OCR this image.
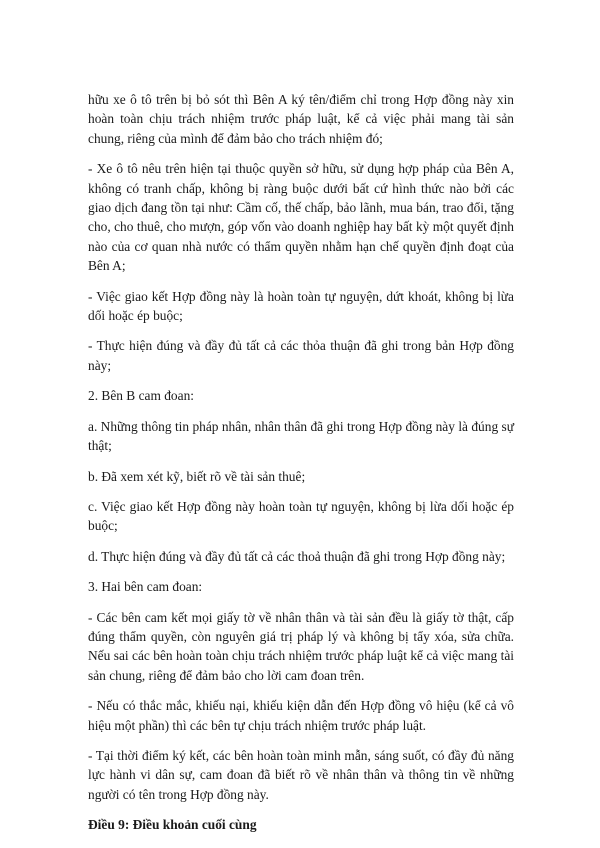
hữu xe ô tô trên bị bỏ sót thì Bên A ký tên/điểm chỉ trong Hợp đồng này xin hoàn toàn chịu trách nhiệm trước pháp luật, kể cả việc phải mang tài sản chung, riêng của mình để đảm bảo cho trách nhiệm đó;

- Xe ô tô nêu trên hiện tại thuộc quyền sở hữu, sử dụng hợp pháp của Bên A, không có tranh chấp, không bị ràng buộc dưới bất cứ hình thức nào bởi các giao dịch đang tồn tại như: Cầm cố, thế chấp, bảo lãnh, mua bán, trao đổi, tặng cho, cho thuê, cho mượn, góp vốn vào doanh nghiệp hay bất kỳ một quyết định nào của cơ quan nhà nước có thẩm quyền nhằm hạn chế quyền định đoạt của Bên A;

- Việc giao kết Hợp đồng này là hoàn toàn tự nguyện, dứt khoát, không bị lừa dối hoặc ép buộc;

- Thực hiện đúng và đầy đủ tất cả các thỏa thuận đã ghi trong bản Hợp đồng này;

2. Bên B cam đoan:

a. Những thông tin pháp nhân, nhân thân đã ghi trong Hợp đồng này là đúng sự thật;

b. Đã xem xét kỹ, biết rõ về tài sản thuê;

c. Việc giao kết Hợp đồng này hoàn toàn tự nguyện, không bị lừa dối hoặc ép buộc;

d. Thực hiện đúng và đầy đủ tất cả các thoả thuận đã ghi trong Hợp đồng này;

3. Hai bên cam đoan:

- Các bên cam kết mọi giấy tờ về nhân thân và tài sản đều là giấy tờ thật, cấp đúng thẩm quyền, còn nguyên giá trị pháp lý và không bị tẩy xóa, sửa chữa. Nếu sai các bên hoàn toàn chịu trách nhiệm trước pháp luật kể cả việc mang tài sản chung, riêng để đảm bảo cho lời cam đoan trên.

- Nếu có thắc mắc, khiếu nại, khiếu kiện dẫn đến Hợp đồng vô hiệu (kể cả vô hiệu một phần) thì các bên tự chịu trách nhiệm trước pháp luật.

- Tại thời điểm ký kết, các bên hoàn toàn minh mẫn, sáng suốt, có đầy đủ năng lực hành vi dân sự, cam đoan đã biết rõ về nhân thân và thông tin về những người có tên trong Hợp đồng này.

Điều 9: Điều khoản cuối cùng
